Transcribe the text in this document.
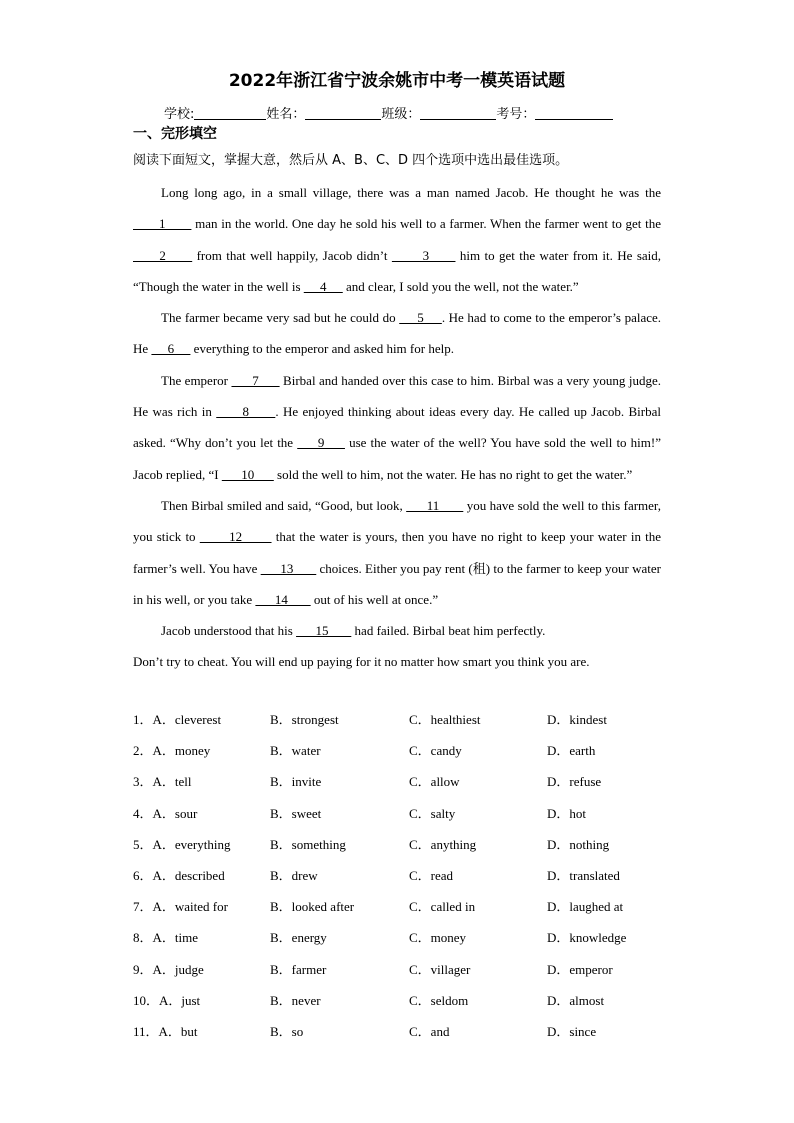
2022年浙江省宁波余姚市中考一模英语试题
学校:	姓名：	班级：	考号：
一、完形填空
阅读下面短文，掌握大意，然后从 A、B、C、D 四个选项中选出最佳选项。

Long long ago, in a small village, there was a man named Jacob. He thought he was the        1        man in the world. One day he sold his well to a farmer. When the farmer went to get the       2       from that well happily, Jacob didn’t        3       him to get the water from it. He said, “Though the water in the well is      4      and clear, I sold you the well, not the water.”

The farmer became very sad but he could do      5     . He had to come to the emperor’s palace. He      6      everything to the emperor and asked him for help.

The emperor       7       Birbal and handed over this case to him. Birbal was a very young judge. He was rich in       8      . He enjoyed thinking about ideas every day. He called up Jacob. Birbal asked. “Why don’t you let the      9      use the water of the well? You have sold the well to him!” Jacob replied, “I       10       sold the well to him, not the water. He has no right to get the water.”

Then Birbal smiled and said, “Good, but look,       11        you have sold the well to this farmer, you stick to        12        that the water is yours, then you have no right to keep your water in the farmer’s well. You have       13        choices. Either you pay rent (租) to the farmer to keep your water in his well, or you take       14        out of his well at once.”

Jacob understood that his       15        had failed. Birbal beat him perfectly.

Don’t try to cheat. You will end up paying for it no matter how smart you think you are.

1．A．cleverest	B．strongest	C．healthiest	D．kindest
2．A．money	B．water	C．candy	D．earth
3．A．tell	B．invite	C．allow	D．refuse
4．A．sour	B．sweet	C．salty	D．hot
5．A．everything	B．something	C．anything	D．nothing
6．A．described	B．drew	C．read	D．translated
7．A．waited for	B．looked after	C．called in	D．laughed at
8．A．time	B．energy	C．money	D．knowledge
9．A．judge	B．farmer	C．villager	D．emperor
10．A．just	B．never	C．seldom	D．almost
11．A．but	B．so	C．and	D．since
